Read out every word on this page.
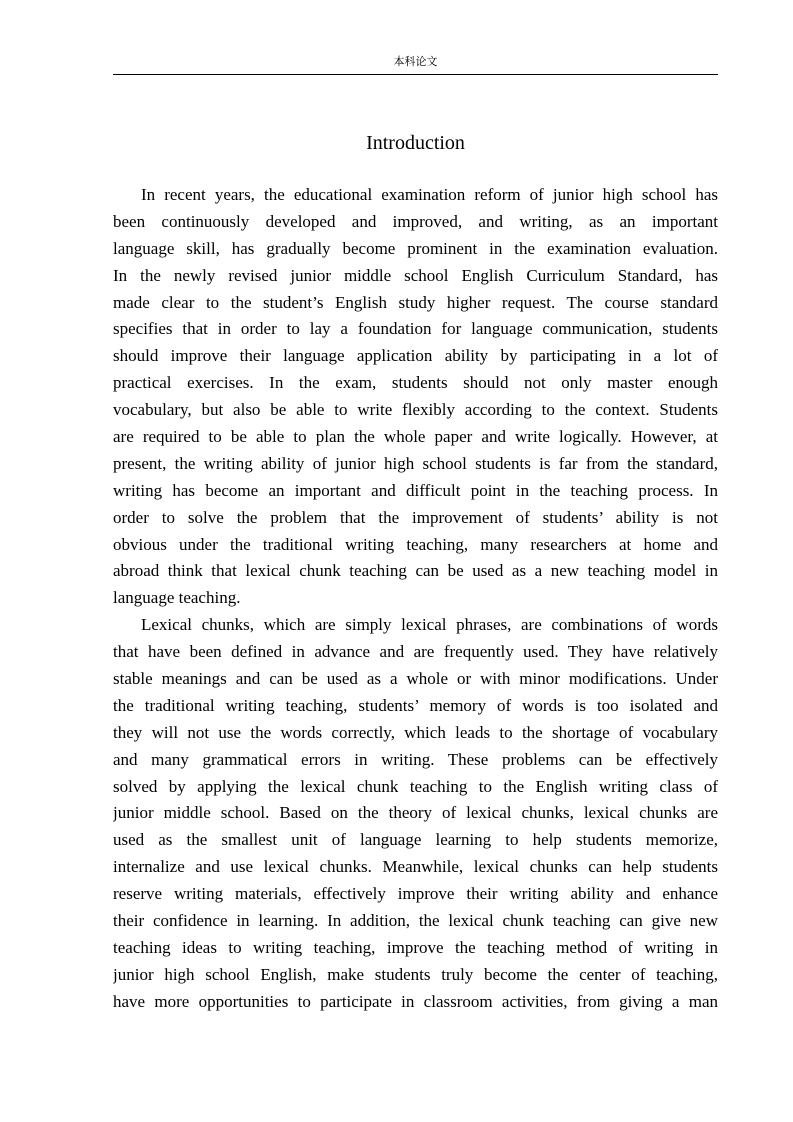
本科论文
Introduction
In recent years, the educational examination reform of junior high school has
been continuously developed and improved, and writing, as an important
language skill, has gradually become prominent in the examination evaluation.
In the newly revised junior middle school English Curriculum Standard, has
made clear to the student’s English study higher request. The course standard
specifies that in order to lay a foundation for language communication, students
should improve their language application ability by participating in a lot of
practical exercises. In the exam, students should not only master enough
vocabulary, but also be able to write flexibly according to the context. Students
are required to be able to plan the whole paper and write logically. However, at
present, the writing ability of junior high school students is far from the standard,
writing has become an important and difficult point in the teaching process. In
order to solve the problem that the improvement of students’ ability is not
obvious under the traditional writing teaching, many researchers at home and
abroad think that lexical chunk teaching can be used as a new teaching model in
language teaching.
Lexical chunks, which are simply lexical phrases, are combinations of words
that have been defined in advance and are frequently used. They have relatively
stable meanings and can be used as a whole or with minor modifications. Under
the traditional writing teaching, students’ memory of words is too isolated and
they will not use the words correctly, which leads to the shortage of vocabulary
and many grammatical errors in writing. These problems can be effectively
solved by applying the lexical chunk teaching to the English writing class of
junior middle school. Based on the theory of lexical chunks, lexical chunks are
used as the smallest unit of language learning to help students memorize,
internalize and use lexical chunks. Meanwhile, lexical chunks can help students
reserve writing materials, effectively improve their writing ability and enhance
their confidence in learning. In addition, the lexical chunk teaching can give new
teaching ideas to writing teaching, improve the teaching method of writing in
junior high school English, make students truly become the center of teaching,
have more opportunities to participate in classroom activities, from giving a man
